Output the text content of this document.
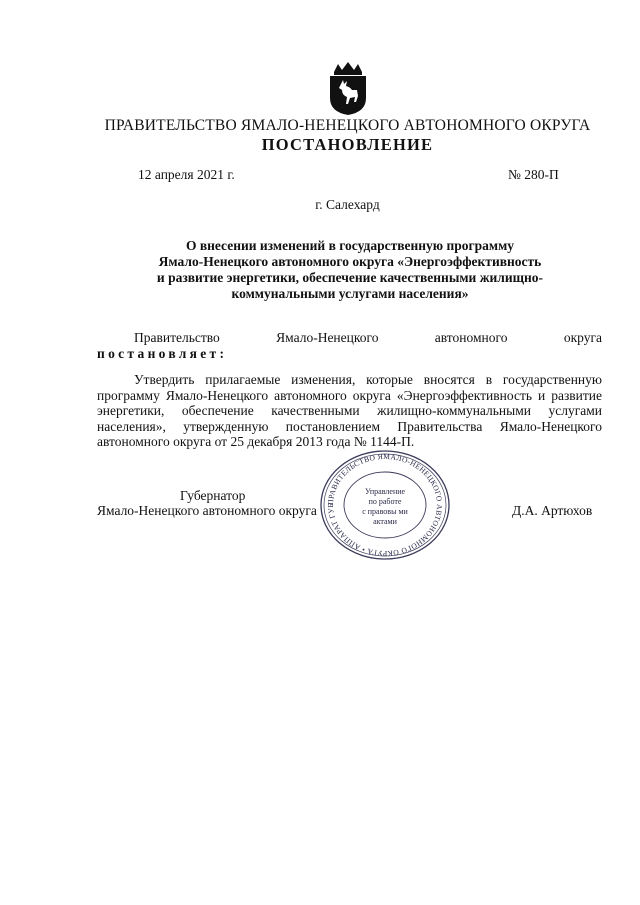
ПРАВИТЕЛЬСТВО ЯМАЛО-НЕНЕЦКОГО АВТОНОМНОГО ОКРУГА
ПОСТАНОВЛЕНИЕ
12 апреля 2021 г.	№ 280-П
г. Салехард
О внесении изменений в государственную программу
Ямало-Ненецкого автономного округа «Энергоэффективность
и развитие энергетики, обеспечение качественными жилищно-
коммунальными услугами населения»
Правительство	Ямало-Ненецкого	автономного	округа
постановляет:

Утвердить прилагаемые изменения, которые вносятся в государственную программу Ямало-Ненецкого автономного округа «Энергоэффективность и развитие энергетики, обеспечение качественными жилищно-коммунальными услугами населения», утвержденную постановлением Правительства Ямало-Ненецкого автономного округа от 25 декабря 2013 года № 1144-П.

Губернатор
Ямало-Ненецкого автономного округа	Д.А. Артюхов
ПРАВИТЕЛЬСТВО ЯМАЛО-НЕНЕЦКОГО АВТОНОМНОГО ОКРУГА • АППАРАТ ГУБ
Управление
по работе
с правовы ми
актами
